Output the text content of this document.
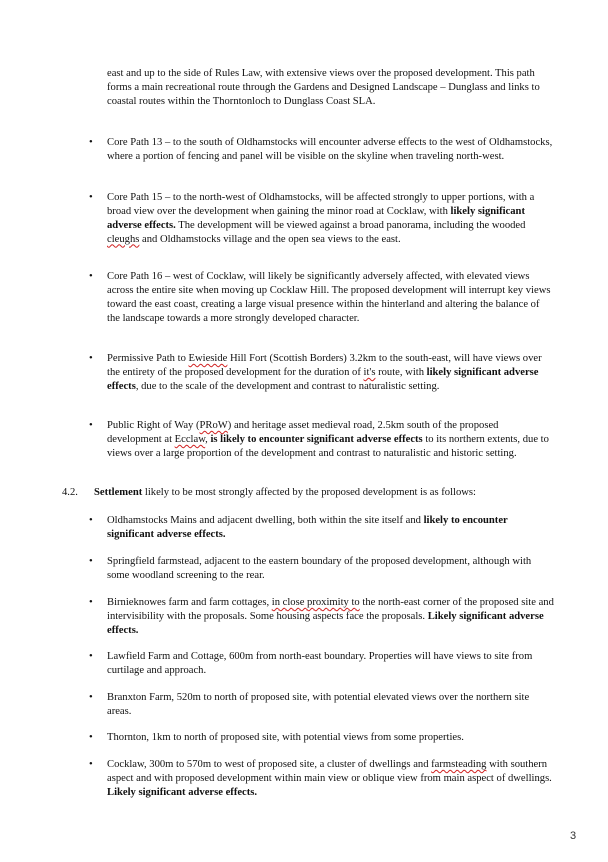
east and up to the side of Rules Law, with extensive views over the proposed development. This path forms a main recreational route through the Gardens and Designed Landscape – Dunglass and links to coastal routes within the Thorntonloch to Dunglass Coast SLA.
• Core Path 13 – to the south of Oldhamstocks will encounter adverse effects to the west of Oldhamstocks, where a portion of fencing and panel will be visible on the skyline when traveling north-west.
• Core Path 15 – to the north-west of Oldhamstocks, will be affected strongly to upper portions, with a broad view over the development when gaining the minor road at Cocklaw, with likely significant adverse effects. The development will be viewed against a broad panorama, including the wooded cleughs and Oldhamstocks village and the open sea views to the east.
• Core Path 16 – west of Cocklaw, will likely be significantly adversely affected, with elevated views across the entire site when moving up Cocklaw Hill. The proposed development will interrupt key views toward the east coast, creating a large visual presence within the hinterland and altering the balance of the landscape towards a more strongly developed character.
• Permissive Path to Ewieside Hill Fort (Scottish Borders) 3.2km to the south-east, will have views over the entirety of the proposed development for the duration of it's route, with likely significant adverse effects, due to the scale of the development and contrast to naturalistic setting.
• Public Right of Way (PRoW) and heritage asset medieval road, 2.5km south of the proposed development at Ecclaw, is likely to encounter significant adverse effects to its northern extents, due to views over a large proportion of the development and contrast to naturalistic and historic setting.
4.2. Settlement likely to be most strongly affected by the proposed development is as follows:
• Oldhamstocks Mains and adjacent dwelling, both within the site itself and likely to encounter significant adverse effects.
• Springfield farmstead, adjacent to the eastern boundary of the proposed development, although with some woodland screening to the rear.
• Birnieknowes farm and farm cottages, in close proximity to the north-east corner of the proposed site and intervisibility with the proposals. Some housing aspects face the proposals. Likely significant adverse effects.
• Lawfield Farm and Cottage, 600m from north-east boundary. Properties will have views to site from curtilage and approach.
• Branxton Farm, 520m to north of proposed site, with potential elevated views over the northern site areas.
• Thornton, 1km to north of proposed site, with potential views from some properties.
• Cocklaw, 300m to 570m to west of proposed site, a cluster of dwellings and farmsteading with southern aspect and with proposed development within main view or oblique view from main aspect of dwellings. Likely significant adverse effects.
3
